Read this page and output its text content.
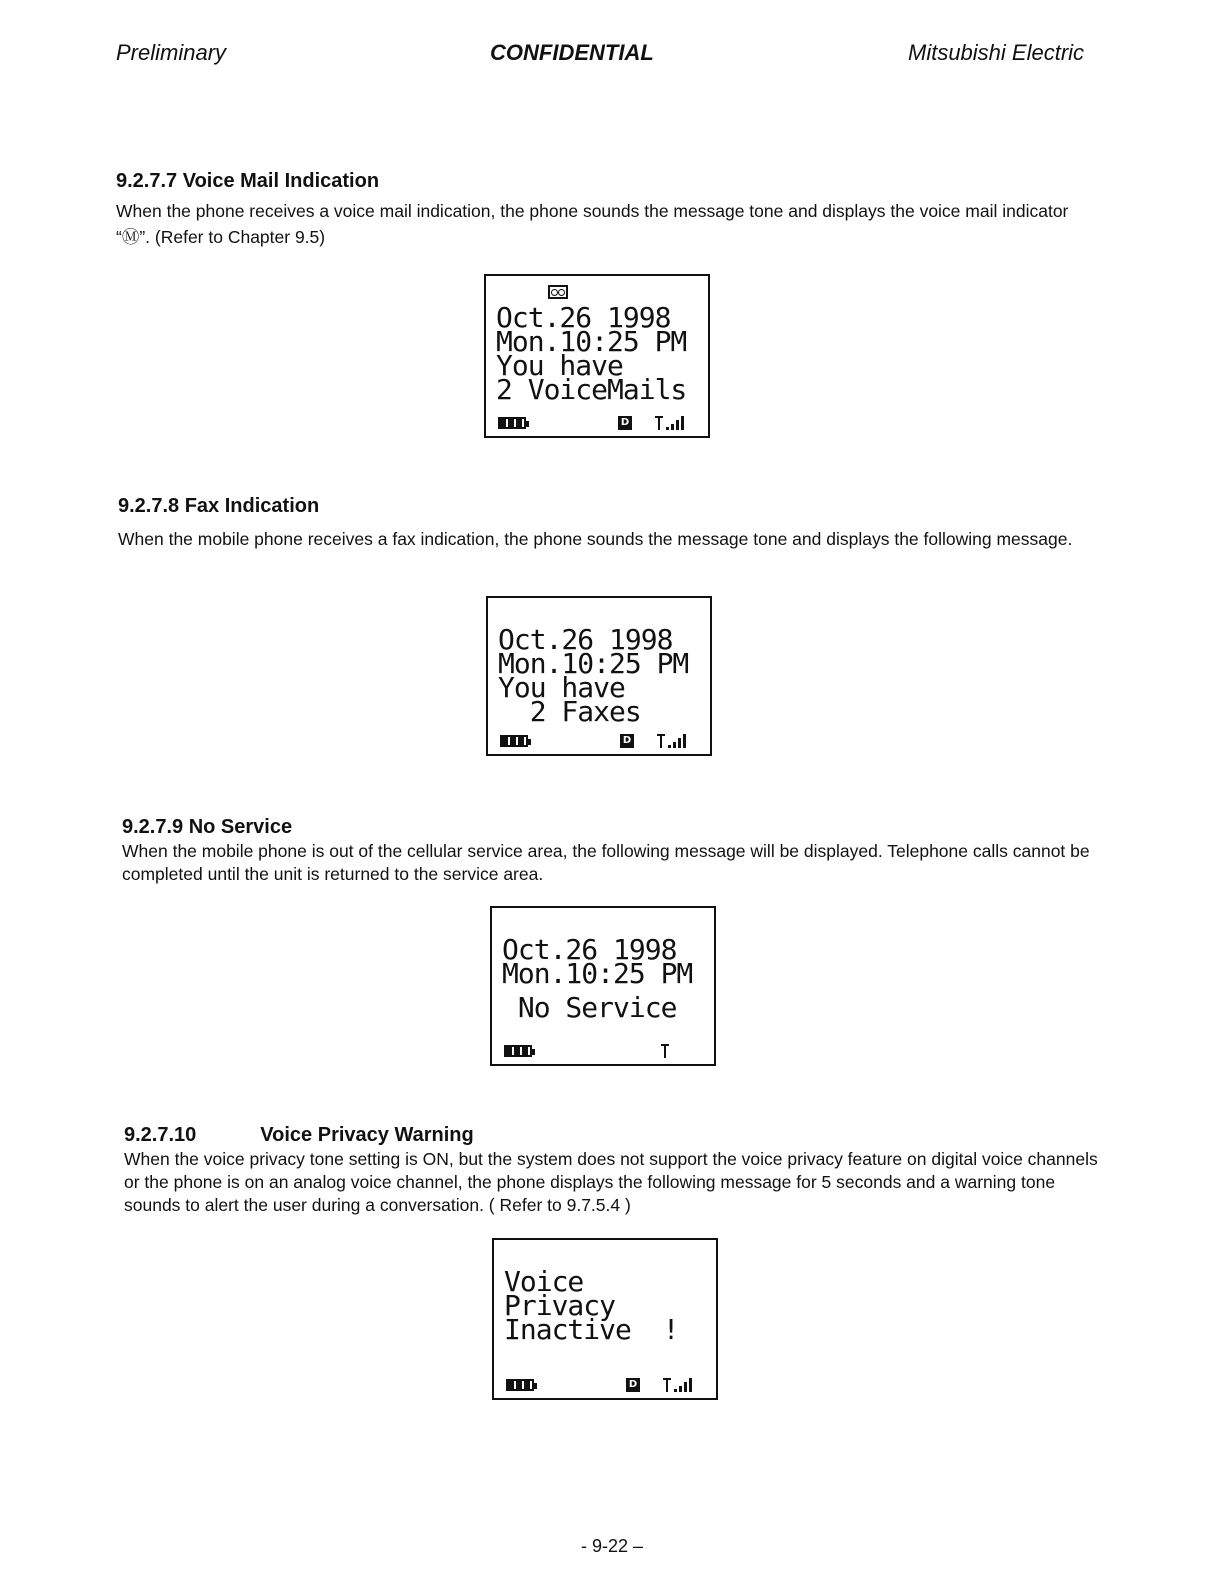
Preliminary	CONFIDENTIAL	Mitsubishi Electric
9.2.7.7 Voice Mail Indication
When the phone receives a voice mail indication, the phone sounds the message tone and displays the voice mail indicator “Ⓜ”. (Refer to Chapter 9.5)
Oct.26 1998
Mon.10:25 PM
You have
2 VoiceMails
D
9.2.7.8 Fax Indication
When the mobile phone receives a fax indication, the phone sounds the message tone and displays the following message.
Oct.26 1998
Mon.10:25 PM
You have
2 Faxes
D
9.2.7.9 No Service
When the mobile phone is out of the cellular service area, the following message will be displayed. Telephone calls cannot be completed until the unit is returned to the service area.
Oct.26 1998
Mon.10:25 PM
No Service
9.2.7.10	Voice Privacy Warning
When the voice privacy tone setting is ON, but the system does not support the voice privacy feature on digital voice channels or the phone is on an analog voice channel, the phone displays the following message for 5 seconds and a warning tone sounds to alert the user during a conversation. ( Refer to 9.7.5.4 )
Voice
Privacy
Inactive  !
D
- 9-22 –
